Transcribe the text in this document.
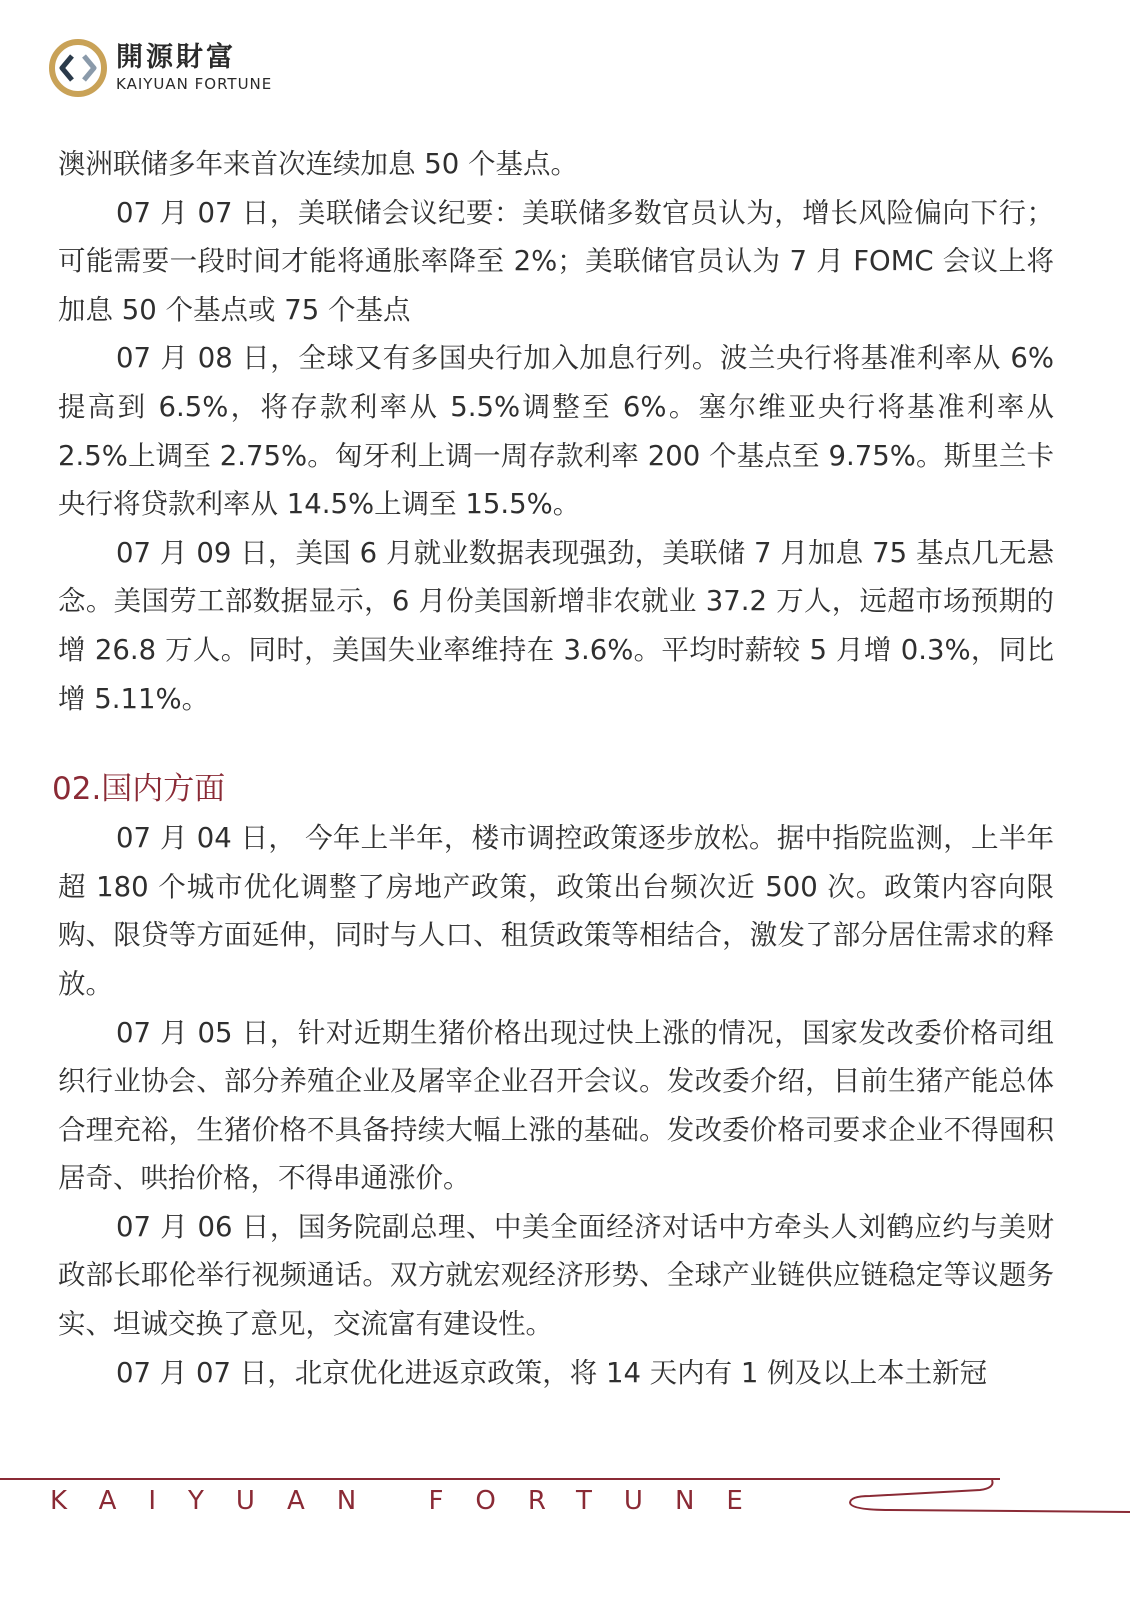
開源財富
KAIYUAN FORTUNE

澳洲联储多年来首次连续加息 50 个基点。

07 月 07 日，美联储会议纪要：美联储多数官员认为，增长风险偏向下行；可能需要一段时间才能将通胀率降至 2%；美联储官员认为 7 月 FOMC 会议上将加息 50 个基点或 75 个基点

07 月 08 日，全球又有多国央行加入加息行列。波兰央行将基准利率从 6%提高到 6.5%，将存款利率从 5.5%调整至 6%。塞尔维亚央行将基准利率从 2.5%上调至 2.75%。匈牙利上调一周存款利率 200 个基点至 9.75%。斯里兰卡央行将贷款利率从 14.5%上调至 15.5%。

07 月 09 日，美国 6 月就业数据表现强劲，美联储 7 月加息 75 基点几无悬念。美国劳工部数据显示，6 月份美国新增非农就业 37.2 万人，远超市场预期的增 26.8 万人。同时，美国失业率维持在 3.6%。平均时薪较 5 月增 0.3%，同比增 5.11%。

02.国内方面

07 月 04 日， 今年上半年，楼市调控政策逐步放松。据中指院监测，上半年超 180 个城市优化调整了房地产政策，政策出台频次近 500 次。政策内容向限购、限贷等方面延伸，同时与人口、租赁政策等相结合，激发了部分居住需求的释放。

07 月 05 日，针对近期生猪价格出现过快上涨的情况，国家发改委价格司组织行业协会、部分养殖企业及屠宰企业召开会议。发改委介绍，目前生猪产能总体合理充裕，生猪价格不具备持续大幅上涨的基础。发改委价格司要求企业不得囤积居奇、哄抬价格，不得串通涨价。

07 月 06 日，国务院副总理、中美全面经济对话中方牵头人刘鹤应约与美财政部长耶伦举行视频通话。双方就宏观经济形势、全球产业链供应链稳定等议题务实、坦诚交换了意见，交流富有建设性。

07 月 07 日，北京优化进返京政策，将 14 天内有 1 例及以上本土新冠

KAIYUAN FORTUNE
